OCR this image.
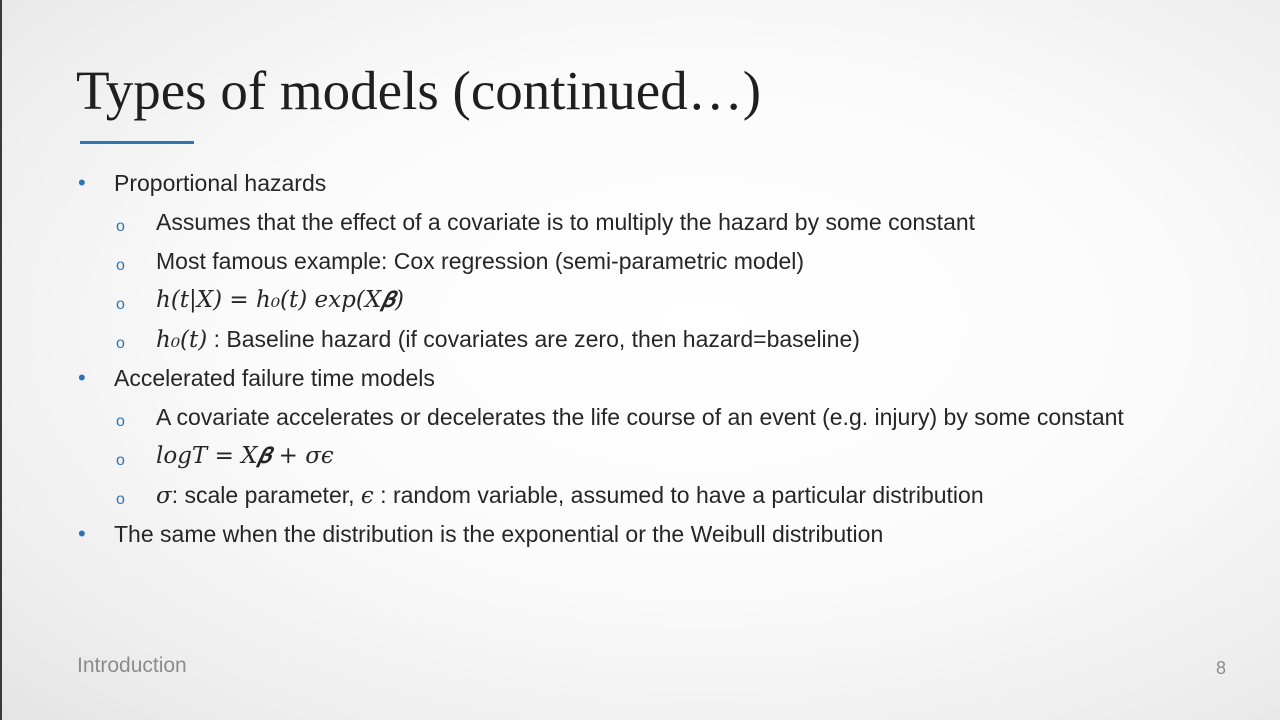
Types of models (continued…)
Proportional hazards
•
o Assumes that the effect of a covariate is to multiply the hazard by some constant
o Most famous example: Cox regression (semi-parametric model)
o h(t|X) = h₀(t) exp(X𝜷)
o h₀(t) : Baseline hazard (if covariates are zero, then hazard=baseline)
• Accelerated failure time models
o A covariate accelerates or decelerates the life course of an event (e.g. injury) by some constant
o logT = X𝜷 + σϵ
o σ: scale parameter, ϵ : random variable, assumed to have a particular distribution
• The same when the distribution is the exponential or the Weibull distribution
Introduction	8
